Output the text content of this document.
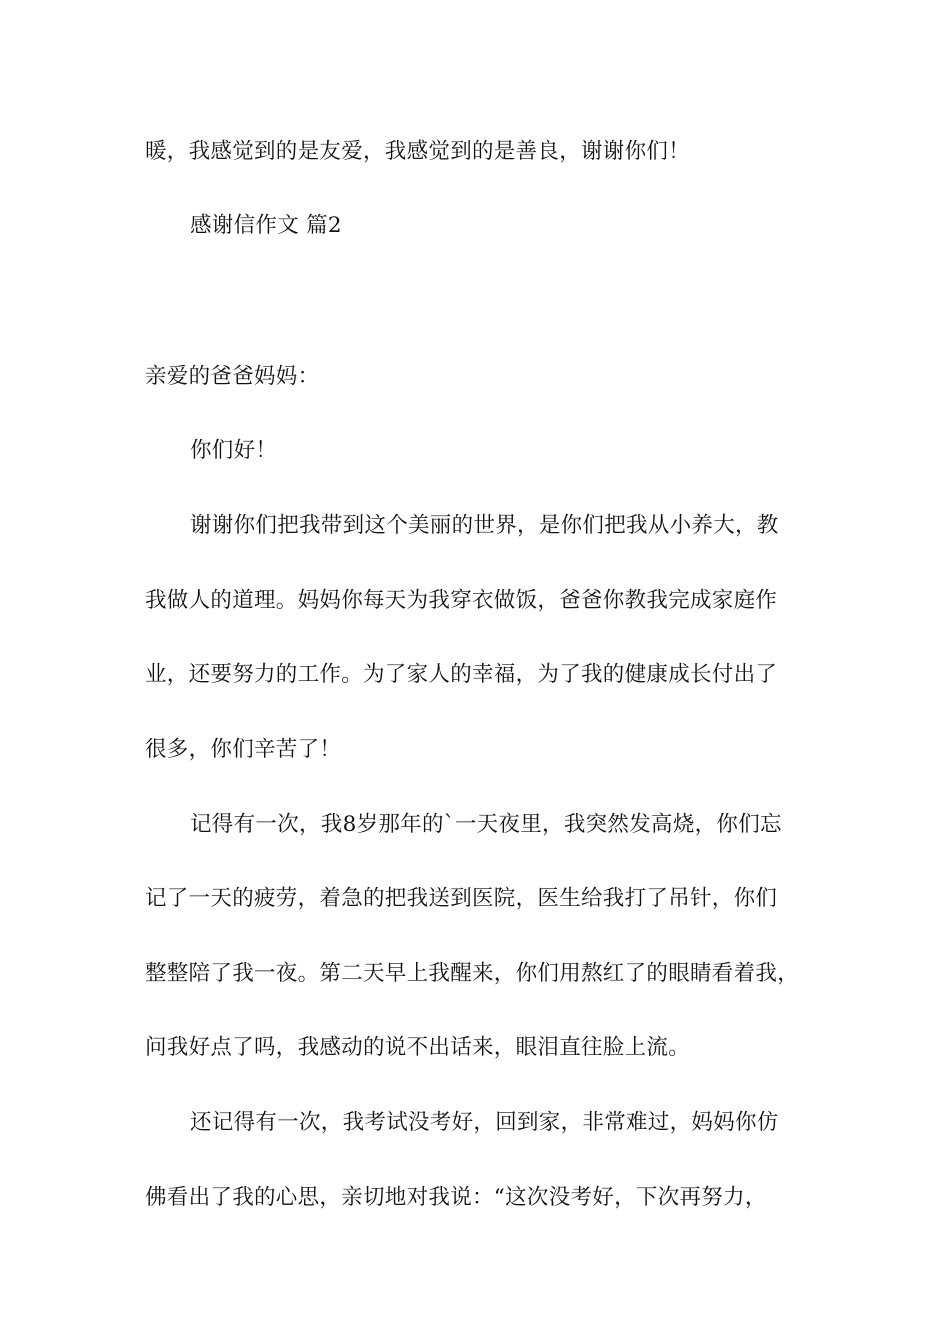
暖，我感觉到的是友爱，我感觉到的是善良，谢谢你们！
感谢信作文 篇2
亲爱的爸爸妈妈：
你们好！
谢谢你们把我带到这个美丽的世界，是你们把我从小养大，教
我做人的道理。妈妈你每天为我穿衣做饭，爸爸你教我完成家庭作
业，还要努力的工作。为了家人的幸福，为了我的健康成长付出了
很多，你们辛苦了！
记得有一次，我8岁那年的`一天夜里，我突然发高烧，你们忘
记了一天的疲劳，着急的把我送到医院，医生给我打了吊针，你们
整整陪了我一夜。第二天早上我醒来，你们用熬红了的眼睛看着我，
问我好点了吗，我感动的说不出话来，眼泪直往脸上流。
还记得有一次，我考试没考好，回到家，非常难过，妈妈你仿
佛看出了我的心思，亲切地对我说：“这次没考好，下次再努力，
